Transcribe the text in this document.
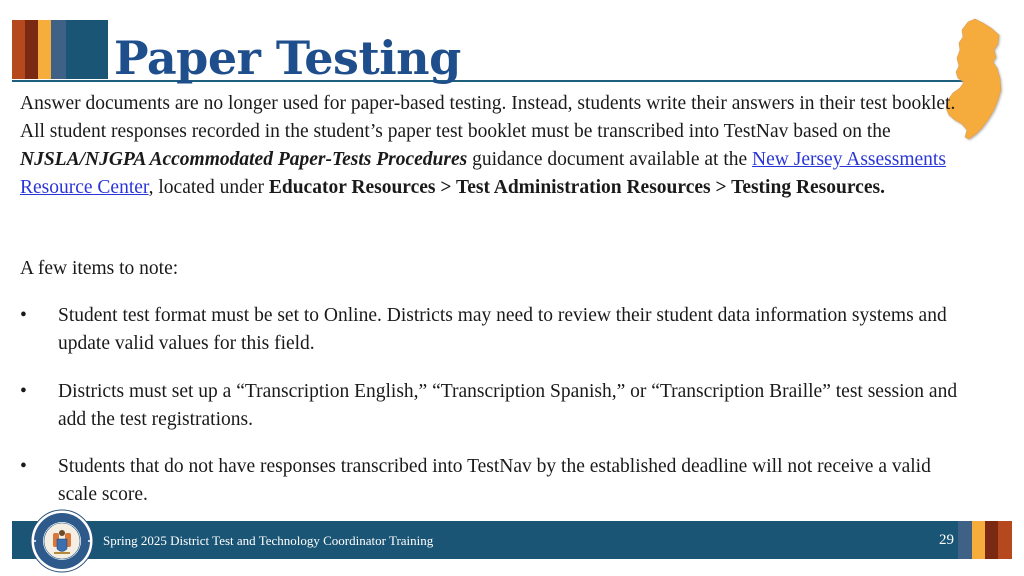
Paper Testing
Answer documents are no longer used for paper-based testing. Instead, students write their answers in their test booklet. All student responses recorded in the student’s paper test booklet must be transcribed into TestNav based on the NJSLA/NJGPA Accommodated Paper-Tests Procedures guidance document available at the New Jersey Assessments Resource Center, located under Educator Resources > Test Administration Resources > Testing Resources.
A few items to note:
•	Student test format must be set to Online. Districts may need to review their student data information systems and update valid values for this field.
•	Districts must set up a “Transcription English,” “Transcription Spanish,” or “Transcription Braille” test session and add the test registrations.
•	Students that do not have responses transcribed into TestNav by the established deadline will not receive a valid scale score.
Spring 2025 District Test and Technology Coordinator Training	29
